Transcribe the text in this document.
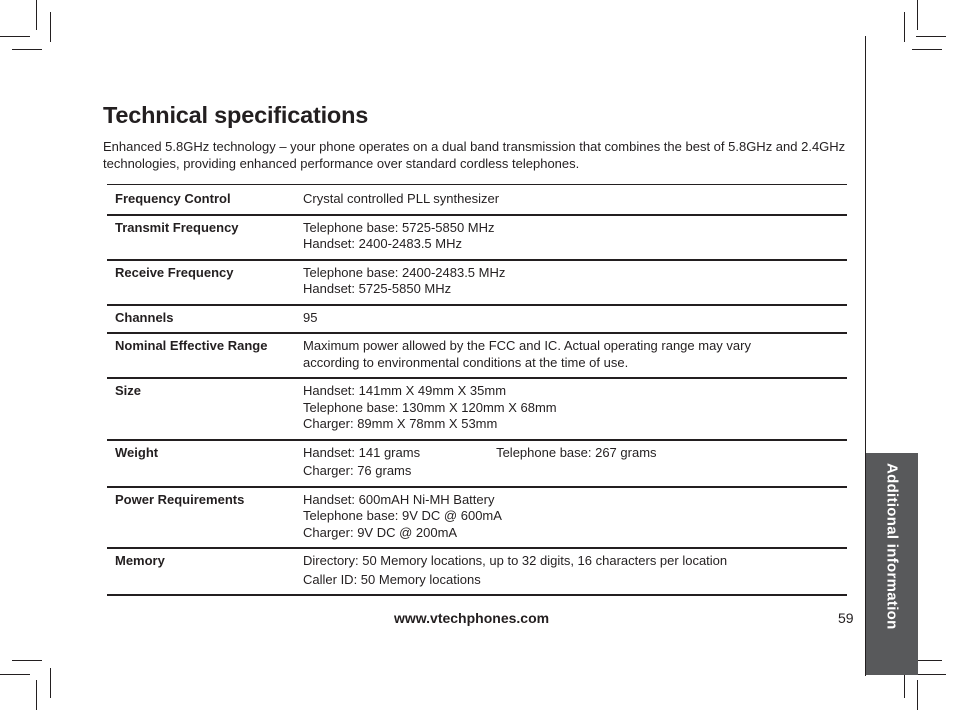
Additional information
Technical specifications

Enhanced 5.8GHz technology – your phone operates on a dual band transmission that combines the best of 5.8GHz and 2.4GHz technologies, providing enhanced performance over standard cordless telephones.

Frequency Control	Crystal controlled PLL synthesizer

Transmit Frequency	Telephone base: 5725-5850 MHz
Handset: 2400-2483.5 MHz

Receive Frequency	Telephone base: 2400-2483.5 MHz
Handset: 5725-5850 MHz

Channels	95

Nominal Effective Range	Maximum power allowed by the FCC and IC. Actual operating range may vary
according to environmental conditions at the time of use.

Size	Handset: 141mm X 49mm X 35mm
Telephone base: 130mm X 120mm X 68mm
Charger: 89mm X 78mm X 53mm

Weight	Handset: 141 grams Telephone base: 267 grams
Charger: 76 grams

Power Requirements	Handset: 600mAH Ni-MH Battery
Telephone base: 9V DC @ 600mA
Charger: 9V DC @ 200mA

Memory	Directory: 50 Memory locations, up to 32 digits, 16 characters per location
Caller ID: 50 Memory locations

www.vtechphones.com	59
